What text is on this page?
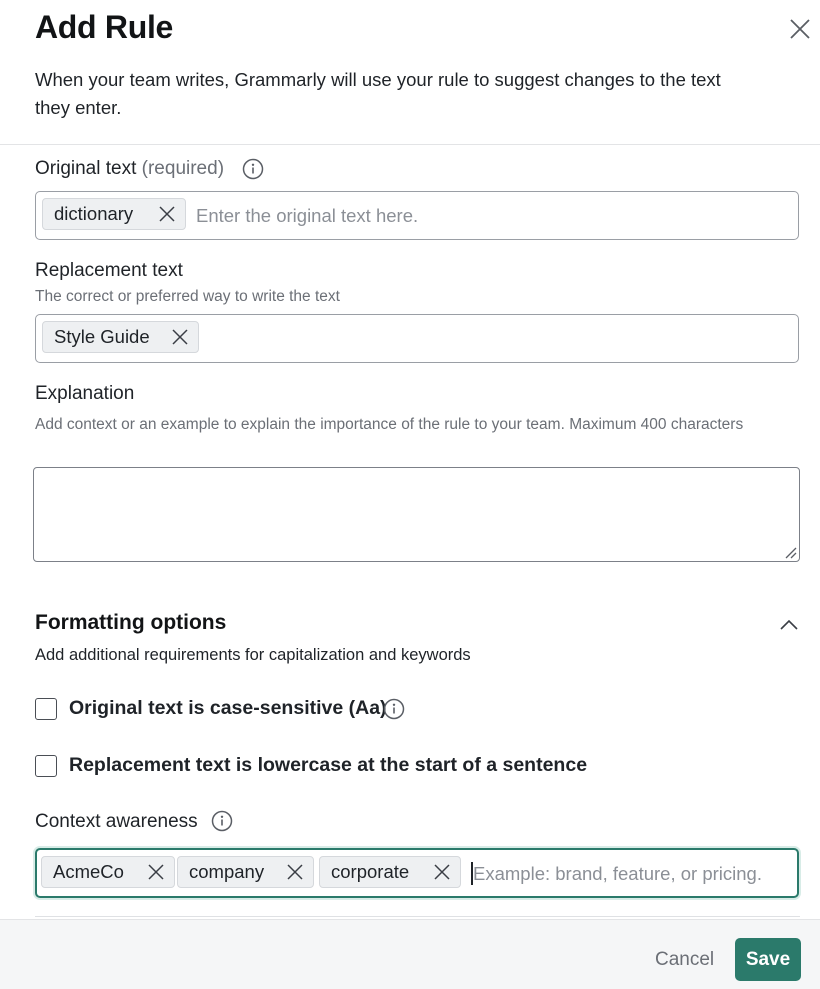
Add Rule
When your team writes, Grammarly will use your rule to suggest changes to the text they enter.
Original text (required)
dictionary	Enter the original text here.
Replacement text
The correct or preferred way to write the text
Style Guide
Explanation
Add context or an example to explain the importance of the rule to your team. Maximum 400 characters
Formatting options
Add additional requirements for capitalization and keywords
Original text is case-sensitive (Aa)
Replacement text is lowercase at the start of a sentence
Context awareness
AcmeCo	company	corporate	Example: brand, feature, or pricing.
Cancel	Save
